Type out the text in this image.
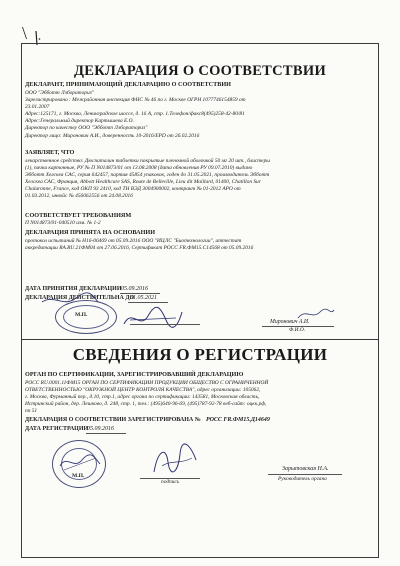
\
ДЕКЛАРАЦИЯ О СООТВЕТСТВИИ
ДЕКЛАРАНТ, ПРИНИМАЮЩИЙ ДЕКЛАРАЦИЮ О СООТВЕТСТВИИ
ООО "Эбботт Лэбораториз"
Зарегистрировано : Межрайонная инспекция ФНС № 46 по г. Москве ОГРН 1077746154859 от
23.01.2007
Адрес:125171, г. Москва, Ленинградское шоссе, д. 16 А, стр. 1.Телефон/факс8(495)258-42-80/81
Адрес:Генеральный директор Картышева Е.О.
Директор по качеству ООО "Эбботт Лэбораториз"
Директор лицо: Миронович А.И., доверенность 10-2016/EPD от 26.02.2016
ЗАЯВЛЯЕТ, ЧТО
лекарственное средство: Дюспаталин таблетки покрытые пленочной оболочкой 50 мг 20 шт., блистеры
(1), пачки картонные, РУ № П N014873/01 от 13.08.2008 (дата обновления РУ 09.07.2010) выдано
Эбботт Хелскеа САС, серия 642457, партия 45854 упаковок, годен до 31.05.2021, производитель Эбботт
Хелскеа САС, Франция, Abbott Healthcare SAS, Route de Belleville, Lieu dit Maillard, 01400, Chatillon Sur
Chalaronne, France, код ОКП 93 2410, код ТН ВЭД 3004900002, контракт № 01-2012 АРО от
01.03.2012, инвойс № 456062556 от 24.08.2016
СООТВЕТСТВУЕТ ТРЕБОВАНИЯМ
П N014873/01-040510 изм. № 1-2
ДЕКЛАРАЦИЯ ПРИНЯТА НА ОСНОВАНИИ
протокол испытаний № Н16-06469 от 05.09.2016 ООО "ИЦЛС "Биотехнологии", аттестат
аккредитации RA.RU.21ФМ04 от 27.06.2016, Сертификат РОСС FR.ФМ15.С14568 от 05.09.2016
ДАТА ПРИНЯТИЯ ДЕКЛАРАЦИИ 05.09.2016
ДЕКЛАРАЦИЯ ДЕЙСТВИТЕЛЬНА ДО
31.05.2021
М.П.
Миронович А.И.
Ф.И.О.
СВЕДЕНИЯ О РЕГИСТРАЦИИ
ОРГАН ПО СЕРТИФИКАЦИИ, ЗАРЕГИСТРИРОВАВШИЙ ДЕКЛАРАЦИЮ
РОСС RU.0001.11ФМ15 ОРГАН ПО СЕРТИФИКАЦИИ ПРОДУКЦИИ ОБЩЕСТВО С ОГРАНИЧЕННОЙ
ОТВЕТСТВЕННОСТЬЮ "ОКРУЖНОЙ ЦЕНТР КОНТРОЛЯ КАЧЕСТВА", адрес организации: 105062,
г. Москва, Фурманный пер., д.10, стр.1, адрес органа по сертификации: 143581, Московская область,
Истринский район, дер. Лешково, д. 248, стр. 1, тел.: (495)640-96-69, (495)787-92-78 веб-сайт: оцкк.рф,
пп 51
ДЕКЛАРАЦИЯ О СООТВЕТСТВИИ ЗАРЕГИСТРИРОВАНА № РОСС FR.ФМ15.Д14649
ДАТА РЕГИСТРАЦИИ
05.09.2016
М.П.
подпись
Зарытовская Н.А.
Руководитель органа
